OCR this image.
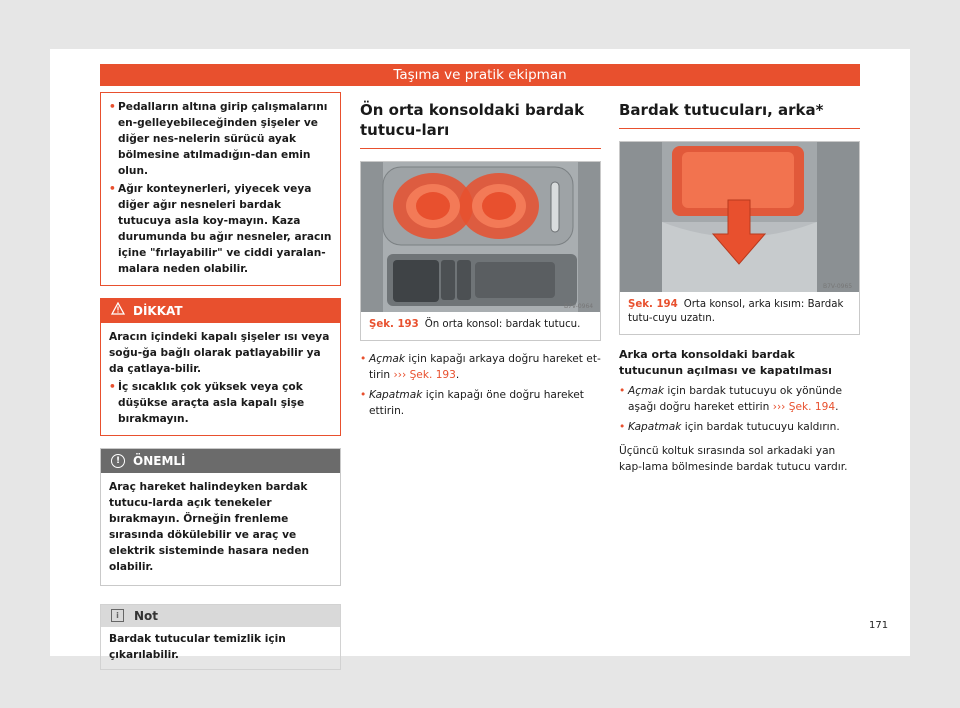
Taşıma ve pratik ekipman
• Pedalların altına girip çalışmalarını en-gelleyebileceğinden şişeler ve diğer nes-nelerin sürücü ayak bölmesine atılmadığın-dan emin olun.
• Ağır konteynerleri, yiyecek veya diğer ağır nesneleri bardak tutucuya asla koy-mayın. Kaza durumunda bu ağır nesneler, aracın içine "fırlayabilir" ve ciddi yaralan-malara neden olabilir.
DİKKAT
Aracın içindeki kapalı şişeler ısı veya soğu-ğa bağlı olarak patlayabilir ya da çatlaya-bilir.
• İç sıcaklık çok yüksek veya çok düşükse araçta asla kapalı şişe bırakmayın.
! ÖNEMLİ
Araç hareket halindeyken bardak tutucu-larda açık tenekeler bırakmayın. Örneğin frenleme sırasında dökülebilir ve araç ve elektrik sisteminde hasara neden olabilir.
i Not
Bardak tutucular temizlik için çıkarılabilir.
Ön orta konsoldaki bardak tutucu-ları
B7V-0964
Şek. 193 Ön orta konsol: bardak tutucu.

• Açmak için kapağı arkaya doğru hareket et-tirin ››› Şek. 193.

• Kapatmak için kapağı öne doğru hareket ettirin.

Bardak tutucuları, arka*
B7V-0965
Şek. 194 Orta konsol, arka kısım: Bardak tutu-cuyu uzatın.
Arka orta konsoldaki bardak tutucunun açılması ve kapatılması

• Açmak için bardak tutucuyu ok yönünde aşağı doğru hareket ettirin ››› Şek. 194.

• Kapatmak için bardak tutucuyu kaldırın.

Üçüncü koltuk sırasında sol arkadaki yan kap-lama bölmesinde bardak tutucu vardır.

171
